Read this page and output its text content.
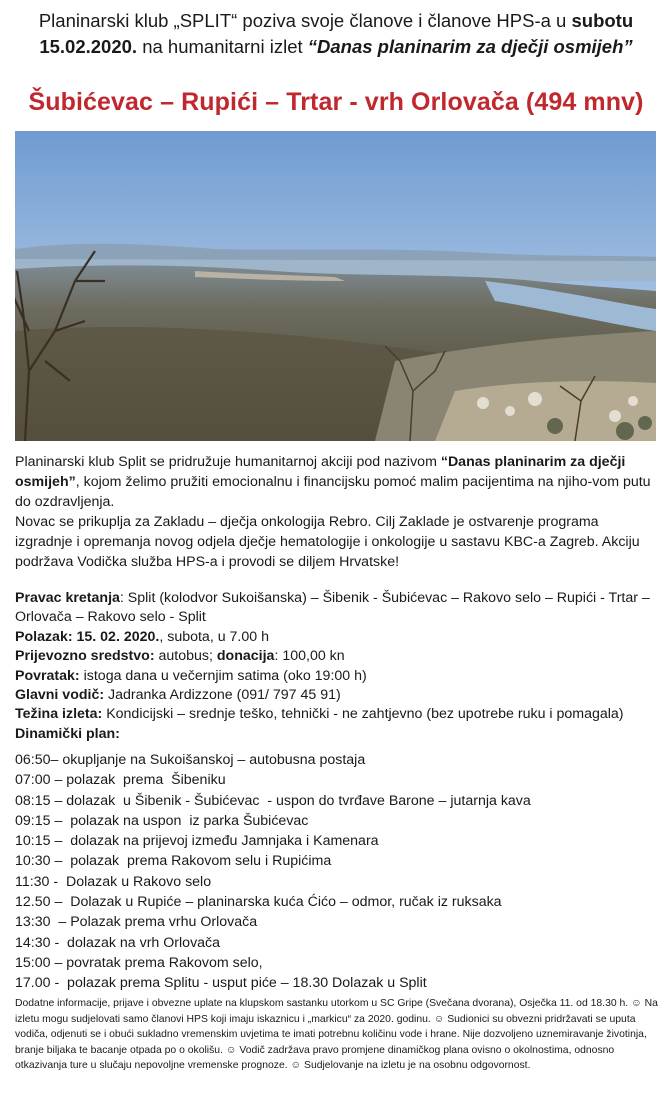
Planinarski klub „SPLIT“ poziva svoje članove i članove HPS-a u subotu
15.02.2020. na humanitarni izlet “Danas planinarim za dječji osmijeh”
Šubićevac – Rupići – Trtar - vrh Orlovača (494 mnv)

Planinarski klub Split se pridružuje humanitarnoj akciji pod nazivom “Danas planinarim za dječji osmijeh”, kojom želimo pružiti emocionalnu i financijsku pomoć malim pacijentima na njiho-vom putu do ozdravljenja.

Novac se prikuplja za Zakladu – dječja onkologija Rebro. Cilj Zaklade je ostvarenje programa izgradnje i opremanja novog odjela dječje hematologije i onkologije u sastavu KBC-a Zagreb. Akciju podržava Vodička služba HPS-a i provodi se diljem Hrvatske!

Pravac kretanja: Split (kolodvor Sukoišanska) – Šibenik - Šubićevac – Rakovo selo – Rupići - Trtar – Orlovača – Rakovo selo - Split
Polazak: 15. 02. 2020., subota, u 7.00 h
Prijevozno sredstvo: autobus; donacija: 100,00 kn
Povratak: istoga dana u večernjim satima (oko 19:00 h)
Glavni vodič: Jadranka Ardizzone (091/ 797 45 91)
Težina izleta: Kondicijski – srednje teško, tehnički - ne zahtjevno (bez upotrebe ruku i pomagala)
Dinamički plan:
06:50– okupljanje na Sukoišanskoj – autobusna postaja
07:00 – polazak  prema  Šibeniku
08:15 – dolazak  u Šibenik - Šubićevac  - uspon do tvrđave Barone – jutarnja kava
09:15 –  polazak na uspon  iz parka Šubićevac
10:15 –  dolazak na prijevoj između Jamnjaka i Kamenara
10:30 –  polazak  prema Rakovom selu i Rupićima
11:30 -  Dolazak u Rakovo selo
12.50 –  Dolazak u Rupiće – planinarska kuća Ćićo – odmor, ručak iz ruksaka
13:30  – Polazak prema vrhu Orlovača
14:30 -  dolazak na vrh Orlovača
15:00 – povratak prema Rakovom selo,
17.00 -  polazak prema Splitu - usput piće – 18.30 Dolazak u Split
Dodatne informacije, prijave i obvezne uplate na klupskom sastanku utorkom u SC Gripe (Svečana dvorana), Osječka 11. od 18.30 h. ☺ Na izletu mogu sudjelovati samo članovi HPS koji imaju iskaznicu i „markicu“ za 2020. godinu. ☺ Sudionici su obvezni pridržavati se uputa vodiča, odjenuti se i obući sukladno vremenskim uvjetima te imati potrebnu količinu vode i hrane. Nije dozvoljeno uznemiravanje životinja, branje biljaka te bacanje otpada po o okolišu. ☺ Vodič zadržava pravo promjene dinamičkog plana ovisno o okolnostima, odnosno otkazivanja ture u slučaju nepovoljne vremenske prognoze. ☺ Sudjelovanje na izletu je na osobnu odgovornost.
